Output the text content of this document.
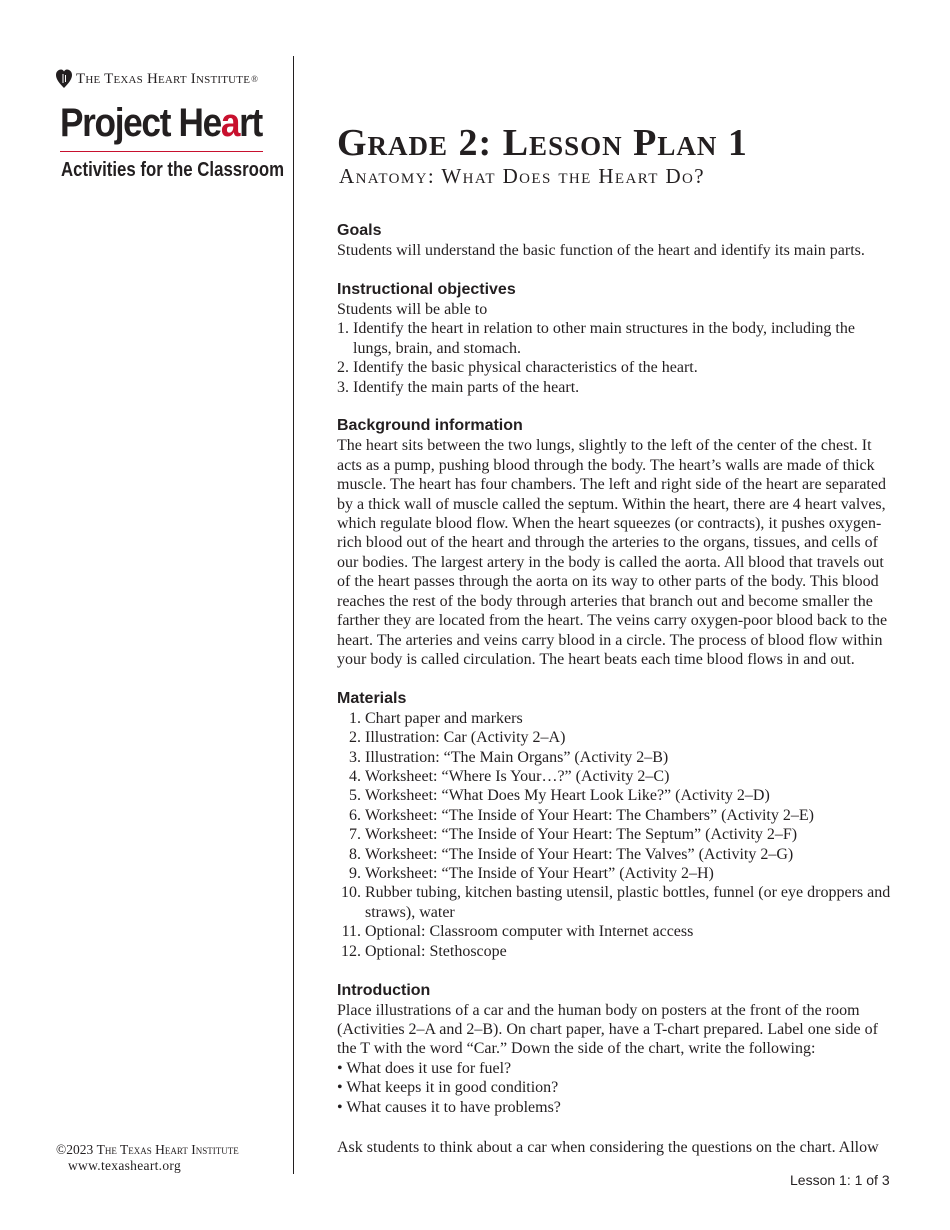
The Texas Heart Institute ®
Project Heart
Activities for the Classroom
©2023 The Texas Heart Institute
www.texasheart.org
Grade 2: Lesson Plan 1
Anatomy: What Does the Heart Do?
Goals

Students will understand the basic function of the heart and identify its main parts.

Instructional objectives

Students will be able to

1. Identify the heart in relation to other main structures in the body, including the lungs, brain, and stomach.
2. Identify the basic physical characteristics of the heart.
3. Identify the main parts of the heart.
Background information

The heart sits between the two lungs, slightly to the left of the center of the chest. It acts as a pump, pushing blood through the body. The heart’s walls are made of thick muscle. The heart has four chambers. The left and right side of the heart are separated by a thick wall of muscle called the septum. Within the heart, there are 4 heart valves, which regulate blood flow. When the heart squeezes (or contracts), it pushes oxygen-rich blood out of the heart and through the arteries to the organs, tissues, and cells of our bodies. The largest artery in the body is called the aorta. All blood that travels out of the heart passes through the aorta on its way to other parts of the body. This blood reaches the rest of the body through arteries that branch out and become smaller the farther they are located from the heart. The veins carry oxygen-poor blood back to the heart. The arteries and veins carry blood in a circle. The process of blood flow within your body is called circulation. The heart beats each time blood flows in and out.

Materials
1.
Chart paper and markers
2.
Illustration: Car (Activity 2–A)
3.
Illustration: “The Main Organs” (Activity 2–B)
4.
Worksheet: “Where Is Your…?” (Activity 2–C)
5.
Worksheet: “What Does My Heart Look Like?” (Activity 2–D)
6.
Worksheet: “The Inside of Your Heart: The Chambers” (Activity 2–E)
7.
Worksheet: “The Inside of Your Heart: The Septum” (Activity 2–F)
8.
Worksheet: “The Inside of Your Heart: The Valves” (Activity 2–G)
9.
Worksheet: “The Inside of Your Heart” (Activity 2–H)
10.
Rubber tubing, kitchen basting utensil, plastic bottles, funnel (or eye droppers and straws), water
11.
Optional: Classroom computer with Internet access
12.
Optional: Stethoscope
Introduction

Place illustrations of a car and the human body on posters at the front of the room (Activities 2–A and 2–B). On chart paper, have a T-chart prepared. Label one side of the T with the word “Car.” Down the side of the chart, write the following:

• What does it use for fuel?
• What keeps it in good condition?
• What causes it to have problems?
Ask students to think about a car when considering the questions on the chart. Allow
Lesson 1: 1 of 3
